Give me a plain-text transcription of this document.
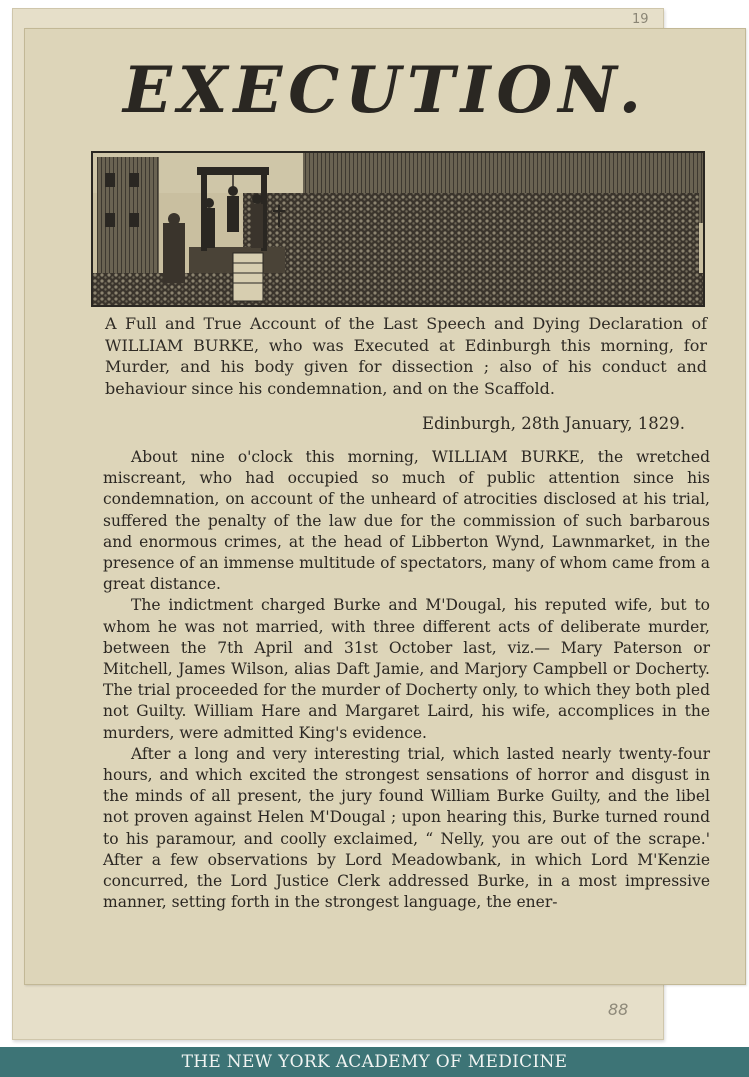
19
88
EXECUTION.
A Full and True Account of the Last Speech and Dying Declaration of WILLIAM BURKE, who was Executed at Edinburgh this morning, for Murder, and his body given for dissection ; also of his conduct and behaviour since his condemnation, and on the Scaffold.
Edinburgh, 28th January, 1829.

About nine o'clock this morning, WILLIAM BURKE, the wretched miscreant, who had occupied so much of public attention since his condemnation, on account of the unheard of atrocities disclosed at his trial, suffered the penalty of the law due for the commission of such barbarous and enormous crimes, at the head of Libberton Wynd, Lawnmarket, in the presence of an immense multitude of spectators, many of whom came from a great distance.

The indictment charged Burke and M'Dougal, his reputed wife, but to whom he was not married, with three different acts of deliberate murder, between the 7th April and 31st October last, viz.— Mary Paterson or Mitchell, James Wilson, alias Daft Jamie, and Marjory Campbell or Docherty. The trial proceeded for the murder of Docherty only, to which they both pled not Guilty. William Hare and Margaret Laird, his wife, accomplices in the murders, were admitted King's evidence.

After a long and very interesting trial, which lasted nearly twenty-four hours, and which excited the strongest sensations of horror and disgust in the minds of all present, the jury found William Burke Guilty, and the libel not proven against Helen M'Dougal ; upon hearing this, Burke turned round to his paramour, and coolly exclaimed, “ Nelly, you are out of the scrape.' After a few observations by Lord Meadowbank, in which Lord M'Kenzie concurred, the Lord Justice Clerk addressed Burke, in a most impressive manner, setting forth in the strongest language, the ener-

THE NEW YORK ACADEMY OF MEDICINE
